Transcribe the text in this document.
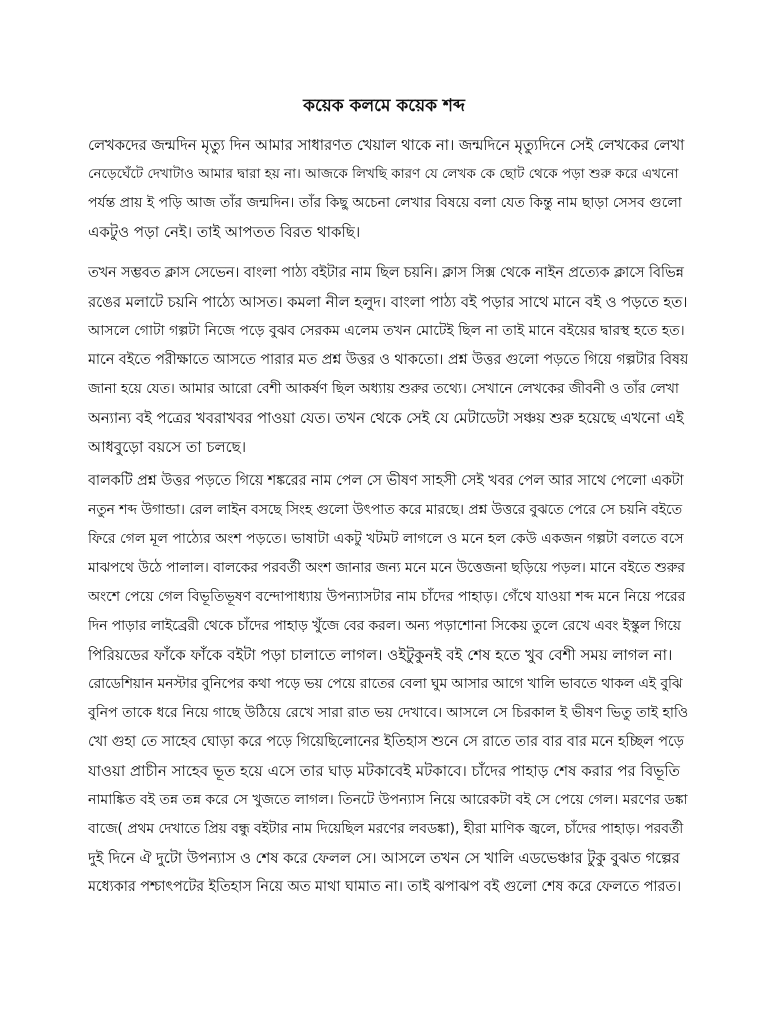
কয়েক কলমে কয়েক শব্দ
লেখকদের জন্মদিন মৃত্যু দিন আমার সাধারণত খেয়াল থাকে না। জন্মদিনে মৃত্যুদিনে সেই লেখকের লেখা
নেড়েঘেঁটে দেখাটাও আমার দ্বারা হয় না। আজকে লিখছি কারণ যে লেখক কে ছোট থেকে পড়া শুরু করে এখনো
পর্যন্ত প্রায় ই পড়ি আজ তাঁর জন্মদিন। তাঁর কিছু অচেনা লেখার বিষয়ে বলা যেত কিন্তু নাম ছাড়া সেসব গুলো
একটুও পড়া নেই। তাই আপতত বিরত থাকছি।
তখন সম্ভবত ক্লাস সেভেন। বাংলা পাঠ্য বইটার নাম ছিল চয়নি। ক্লাস সিক্স থেকে নাইন প্রত্যেক ক্লাসে বিভিন্ন
রঙের মলাটে চয়নি পাঠ্যে আসত। কমলা নীল হলুদ। বাংলা পাঠ্য বই পড়ার সাথে মানে বই ও পড়তে হত।
আসলে গোটা গল্পটা নিজে পড়ে বুঝব সেরকম এলেম তখন মোটেই ছিল না তাই মানে বইয়ের দ্বারস্থ হতে হত।
মানে বইতে পরীক্ষাতে আসতে পারার মত প্রশ্ন উত্তর ও থাকতো। প্রশ্ন উত্তর গুলো পড়তে গিয়ে গল্পটার বিষয়
জানা হয়ে যেত। আমার আরো বেশী আকর্ষণ ছিল অধ্যায় শুরুর তথ্যে। সেখানে লেখকের জীবনী ও তাঁর লেখা
অন্যান্য বই পত্রের খবরাখবর পাওয়া যেত। তখন থেকে সেই যে মেটাডেটা সঞ্চয় শুরু হয়েছে এখনো এই
আধবুড়ো বয়সে তা চলছে।
বালকটি প্রশ্ন উত্তর পড়তে গিয়ে শঙ্করের নাম পেল সে ভীষণ সাহসী সেই খবর পেল আর সাথে পেলো একটা
নতুন শব্দ উগান্ডা। রেল লাইন বসছে সিংহ গুলো উৎপাত করে মারছে। প্রশ্ন উত্তরে বুঝতে পেরে সে চয়নি বইতে
ফিরে গেল মূল পাঠ্যের অংশ পড়তে। ভাষাটা একটু খটমট লাগলে ও মনে হল কেউ একজন গল্পটা বলতে বসে
মাঝপথে উঠে পালাল। বালকের পরবর্তী অংশ জানার জন্য মনে মনে উত্তেজনা ছড়িয়ে পড়ল। মানে বইতে শুরুর
অংশে পেয়ে গেল বিভূতিভূষণ বন্দোপাধ্যায় উপন্যাসটার নাম চাঁদের পাহাড়। গেঁথে যাওয়া শব্দ মনে নিয়ে পরের
দিন পাড়ার লাইব্রেরী থেকে চাঁদের পাহাড় খুঁজে বের করল। অন্য পড়াশোনা সিকেয় তুলে রেখে এবং ইস্কুল গিয়ে
পিরিয়ডের ফাঁকে ফাঁকে বইটা পড়া চালাতে লাগল। ওইটুকুনই বই শেষ হতে খুব বেশী সময় লাগল না।
রোডেশিয়ান মনস্টার বুনিপের কথা পড়ে ভয় পেয়ে রাতের বেলা ঘুম আসার আগে খালি ভাবতে থাকল এই বুঝি
বুনিপ তাকে ধরে নিয়ে গাছে উঠিয়ে রেখে সারা রাত ভয় দেখাবে। আসলে সে চিরকাল ই ভীষণ ভিতু তাই হাওি
খো গুহা তে সাহেব ঘোড়া করে পড়ে গিয়েছিলোনের ইতিহাস শুনে সে রাতে তার বার বার মনে হচ্ছিল পড়ে
যাওয়া প্রাচীন সাহেব ভূত হয়ে এসে তার ঘাড় মটকাবেই মটকাবে। চাঁদের পাহাড় শেষ করার পর বিভূতি
নামাঙ্কিত বই তন্ন তন্ন করে সে খুজতে লাগল। তিনটে উপন্যাস নিয়ে আরেকটা বই সে পেয়ে গেল। মরণের ডঙ্কা
বাজে( প্রথম দেখাতে প্রিয় বন্ধু বইটার নাম দিয়েছিল মরণের লবডঙ্কা), হীরা মাণিক জ্বলে, চাঁদের পাহাড়। পরবর্তী
দুই দিনে ঐ দুটো উপন্যাস ও শেষ করে ফেলল সে। আসলে তখন সে খালি এডভেঞ্চার টুকু বুঝত গল্পের
মধ্যেকার পশ্চাৎপটের ইতিহাস নিয়ে অত মাথা ঘামাত না। তাই ঝপাঝপ বই গুলো শেষ করে ফেলতে পারত।
